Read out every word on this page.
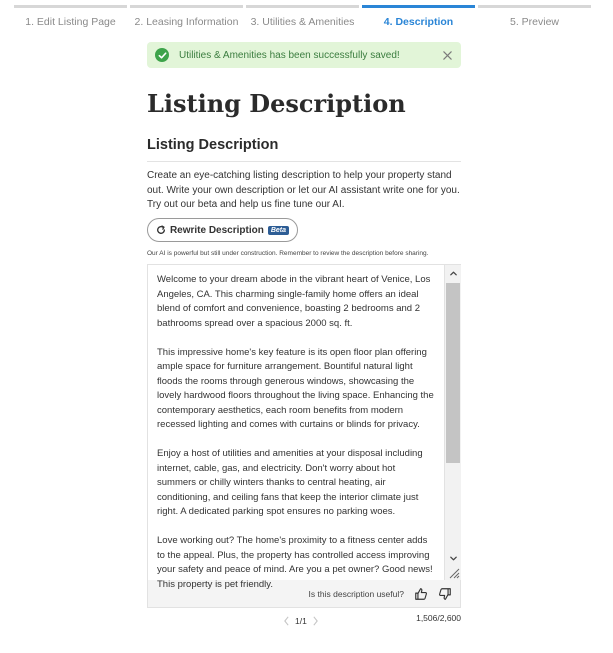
1. Edit Listing Page	2. Leasing Information	3. Utilities & Amenities	4. Description	5. Preview
Utilities & Amenities has been successfully saved!
Listing Description
Listing Description

Create an eye-catching listing description to help your property stand out. Write your own description or let our AI assistant write one for you. Try out our beta and help us fine tune our AI.

Rewrite Description	Beta

Our AI is powerful but still under construction. Remember to review the description before sharing.

Welcome to your dream abode in the vibrant heart of Venice, Los Angeles, CA. This charming single-family home offers an ideal blend of comfort and convenience, boasting 2 bedrooms and 2 bathrooms spread over a spacious 2000 sq. ft.

This impressive home's key feature is its open floor plan offering ample space for furniture arrangement. Bountiful natural light floods the rooms through generous windows, showcasing the lovely hardwood floors throughout the living space. Enhancing the contemporary aesthetics, each room benefits from modern recessed lighting and comes with curtains or blinds for privacy.

Enjoy a host of utilities and amenities at your disposal including internet, cable, gas, and electricity. Don't worry about hot summers or chilly winters thanks to central heating, air conditioning, and ceiling fans that keep the interior climate just right. A dedicated parking spot ensures no parking woes.

Love working out? The home's proximity to a fitness center adds to the appeal. Plus, the property has controlled access improving your safety and peace of mind. Are you a pet owner? Good news! This property is pet friendly.

Is this description useful?
1/1	1,506/2,600
